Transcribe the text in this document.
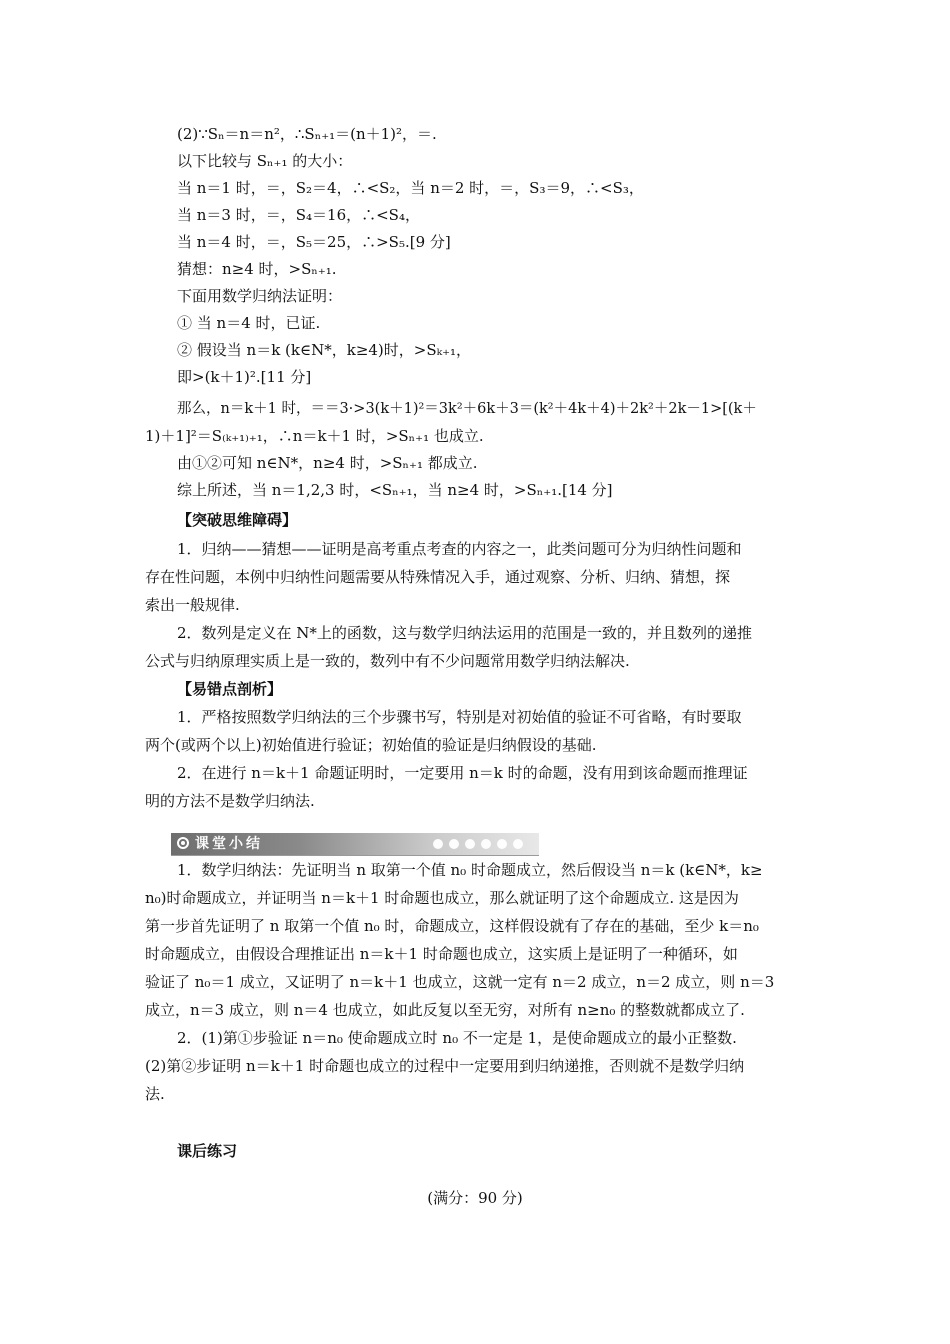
(2)∵Sₙ＝n＝n²，∴Sₙ₊₁＝(n＋1)²，＝.
以下比较与 Sₙ₊₁ 的大小：
当 n＝1 时，＝，S₂＝4，∴<S₂，当 n＝2 时，＝，S₃＝9，∴<S₃，
当 n＝3 时，＝，S₄＝16，∴<S₄，
当 n＝4 时，＝，S₅＝25，∴>S₅.[9 分]
猜想：n≥4 时，>Sₙ₊₁.
下面用数学归纳法证明：
① 当 n＝4 时，已证.
② 假设当 n＝k (k∈N*，k≥4)时，>Sₖ₊₁，
即>(k＋1)².[11 分]
那么，n＝k＋1 时，＝＝3·>3(k＋1)²＝3k²＋6k＋3＝(k²＋4k＋4)＋2k²＋2k－1>[(k＋
1)＋1]²＝S₍ₖ₊₁₎₊₁，∴n＝k＋1 时，>Sₙ₊₁ 也成立.
由①②可知 n∈N*，n≥4 时，>Sₙ₊₁ 都成立.
综上所述，当 n＝1,2,3 时，<Sₙ₊₁，当 n≥4 时，>Sₙ₊₁.[14 分]
【突破思维障碍】
1．归纳——猜想——证明是高考重点考查的内容之一，此类问题可分为归纳性问题和
存在性问题，本例中归纳性问题需要从特殊情况入手，通过观察、分析、归纳、猜想，探
索出一般规律.
2．数列是定义在 N*上的函数，这与数学归纳法运用的范围是一致的，并且数列的递推
公式与归纳原理实质上是一致的，数列中有不少问题常用数学归纳法解决.
【易错点剖析】
1．严格按照数学归纳法的三个步骤书写，特别是对初始值的验证不可省略，有时要取
两个(或两个以上)初始值进行验证；初始值的验证是归纳假设的基础.
2．在进行 n＝k＋1 命题证明时，一定要用 n＝k 时的命题，没有用到该命题而推理证
明的方法不是数学归纳法.
课堂小结
1．数学归纳法：先证明当 n 取第一个值 n₀ 时命题成立，然后假设当 n＝k (k∈N*，k≥
n₀)时命题成立，并证明当 n＝k＋1 时命题也成立，那么就证明了这个命题成立. 这是因为
第一步首先证明了 n 取第一个值 n₀ 时，命题成立，这样假设就有了存在的基础，至少 k＝n₀
时命题成立，由假设合理推证出 n＝k＋1 时命题也成立，这实质上是证明了一种循环，如
验证了 n₀＝1 成立，又证明了 n＝k＋1 也成立，这就一定有 n＝2 成立，n＝2 成立，则 n＝3
成立，n＝3 成立，则 n＝4 也成立，如此反复以至无穷，对所有 n≥n₀ 的整数就都成立了.
2．(1)第①步验证 n＝n₀ 使命题成立时 n₀ 不一定是 1，是使命题成立的最小正整数.
(2)第②步证明 n＝k＋1 时命题也成立的过程中一定要用到归纳递推，否则就不是数学归纳
法.
课后练习
(满分：90 分)
